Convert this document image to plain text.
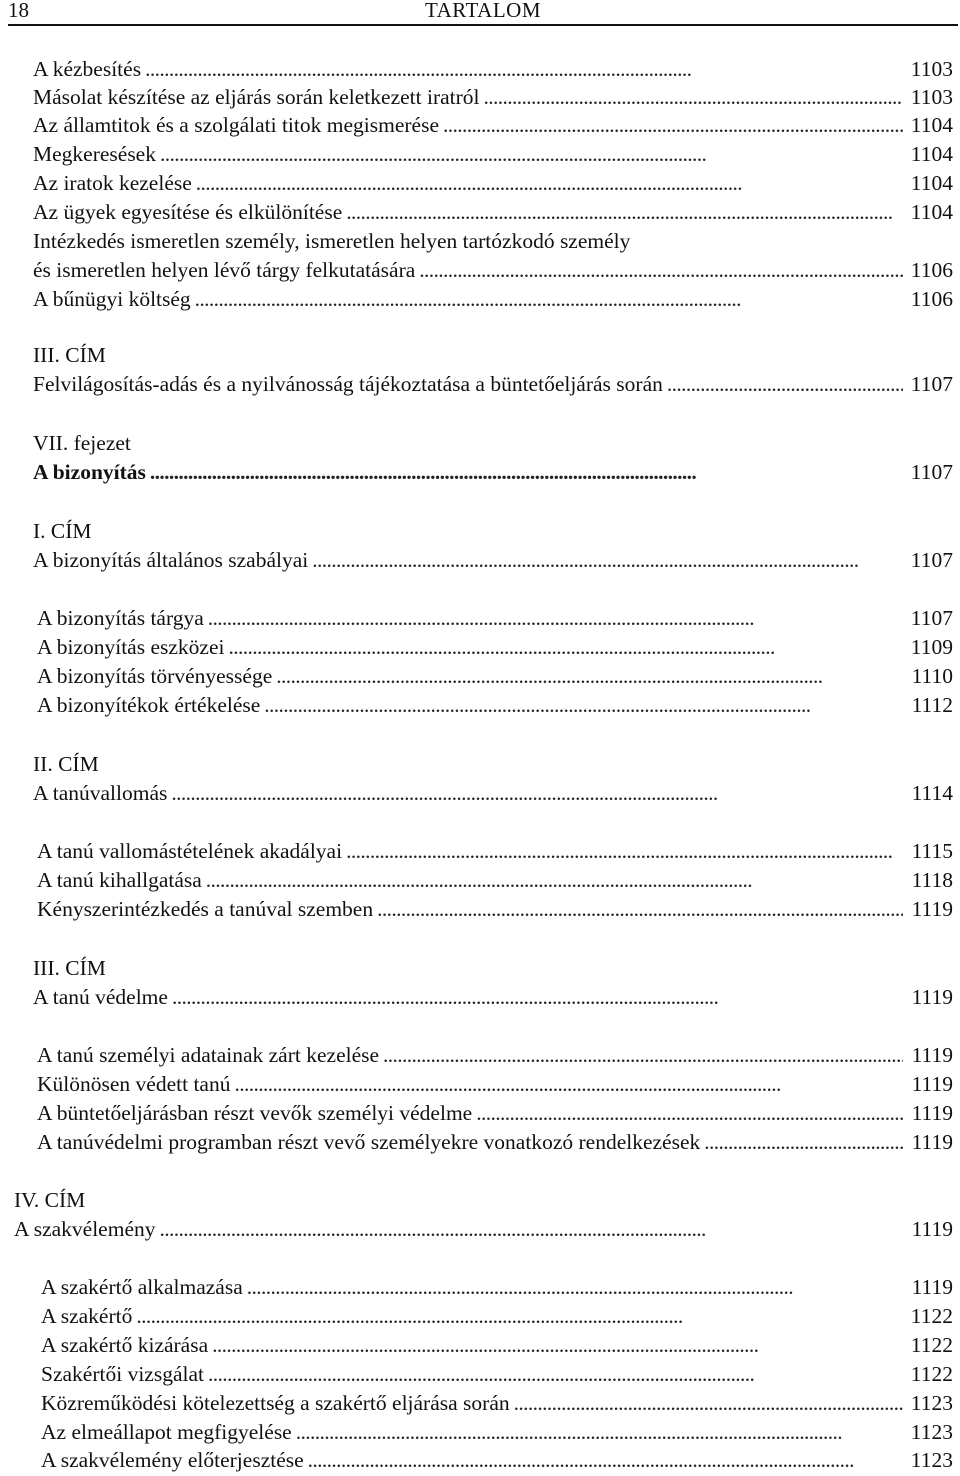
18	TARTALOM
A kézbesítés . . .	1103
Másolat készítése az eljárás során keletkezett iratról . . .	1103
Az államtitok és a szolgálati titok megismerése . . .	1104
Megkeresések . . .	1104
Az iratok kezelése . . .	1104
Az ügyek egyesítése és elkülönítése . . .	1104
Intézkedés ismeretlen személy, ismeretlen helyen tartózkodó személy
és ismeretlen helyen lévő tárgy felkutatására . . .	1106
A bűnügyi költség . . .	1106
III. CÍM
Felvilágosítás-adás és a nyilvánosság tájékoztatása a büntetőeljárás során . . .	1107
VII. fejezet
A bizonyítás . . .	1107
I. CÍM
A bizonyítás általános szabályai . . .	1107
A bizonyítás tárgya . . .	1107
A bizonyítás eszközei . . .	1109
A bizonyítás törvényessége . . .	1110
A bizonyítékok értékelése . . .	1112
II. CÍM
A tanúvallomás . . .	1114
A tanú vallomástételének akadályai . . .	1115
A tanú kihallgatása . . .	1118
Kényszerintézkedés a tanúval szemben . . .	1119
III. CÍM
A tanú védelme . . .	1119
A tanú személyi adatainak zárt kezelése . . .	1119
Különösen védett tanú . . .	1119
A büntetőeljárásban részt vevők személyi védelme . . .	1119
A tanúvédelmi programban részt vevő személyekre vonatkozó rendelkezések . . .	1119
IV. CÍM
A szakvélemény . . .	1119
A szakértő alkalmazása . . .	1119
A szakértő . . .	1122
A szakértő kizárása . . .	1122
Szakértői vizsgálat . . .	1122
Közreműködési kötelezettség a szakértő eljárása során . . .	1123
Az elmeállapot megfigyelése . . .	1123
A szakvélemény előterjesztése . . .	1123
